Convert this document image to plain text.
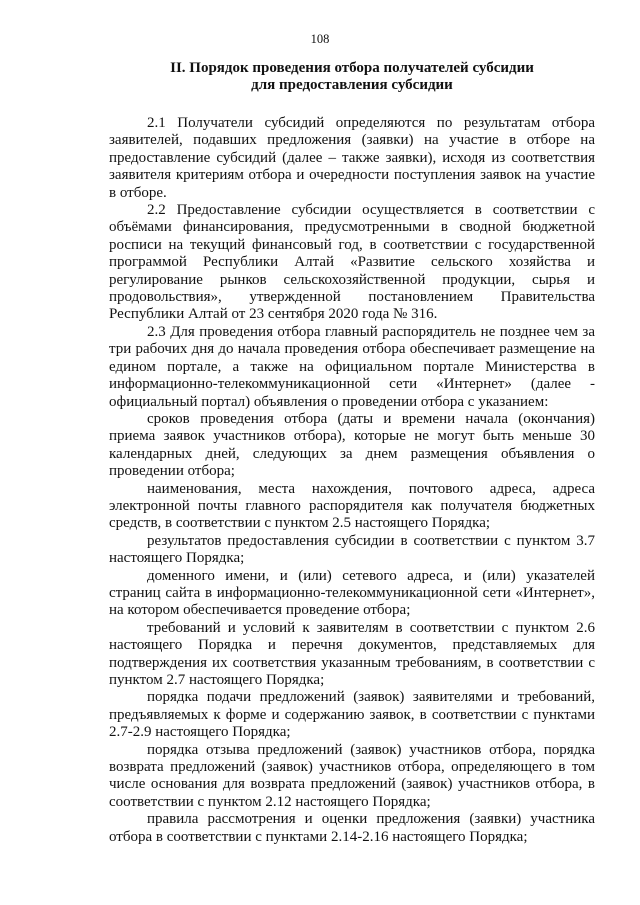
108
II. Порядок проведения отбора получателей субсидии
для предоставления субсидии

2.1 Получатели субсидий определяются по результатам отбора заявителей, подавших предложения (заявки) на участие в отборе на предоставление субсидий (далее – также заявки), исходя из соответствия заявителя критериям отбора и очередности поступления заявок на участие в отборе.

2.2 Предоставление субсидии осуществляется в соответствии с объёмами финансирования, предусмотренными в сводной бюджетной росписи на текущий финансовый год, в соответствии с государственной программой Республики Алтай «Развитие сельского хозяйства и регулирование рынков сельскохозяйственной продукции, сырья и продовольствия», утвержденной постановлением Правительства Республики Алтай от 23 сентября 2020 года № 316.

2.3 Для проведения отбора главный распорядитель не позднее чем за три рабочих дня до начала проведения отбора обеспечивает размещение на едином портале, а также на официальном портале Министерства в информационно-телекоммуникационной сети «Интернет» (далее - официальный портал) объявления о проведении отбора с указанием:

сроков проведения отбора (даты и времени начала (окончания) приема заявок участников отбора), которые не могут быть меньше 30 календарных дней, следующих за днем размещения объявления о проведении отбора;

наименования, места нахождения, почтового адреса, адреса электронной почты главного распорядителя как получателя бюджетных средств, в соответствии с пунктом 2.5 настоящего Порядка;

результатов предоставления субсидии в соответствии с пунктом 3.7 настоящего Порядка;

доменного имени, и (или) сетевого адреса, и (или) указателей страниц сайта в информационно-телекоммуникационной сети «Интернет», на котором обеспечивается проведение отбора;

требований и условий к заявителям в соответствии с пунктом 2.6 настоящего Порядка и перечня документов, представляемых для подтверждения их соответствия указанным требованиям, в соответствии с пунктом 2.7 настоящего Порядка;

порядка подачи предложений (заявок) заявителями и требований, предъявляемых к форме и содержанию заявок, в соответствии с пунктами 2.7-2.9 настоящего Порядка;

порядка отзыва предложений (заявок) участников отбора, порядка возврата предложений (заявок) участников отбора, определяющего в том числе основания для возврата предложений (заявок) участников отбора, в соответствии с пунктом 2.12 настоящего Порядка;

правила рассмотрения и оценки предложения (заявки) участника отбора в соответствии с пунктами 2.14-2.16 настоящего Порядка;
